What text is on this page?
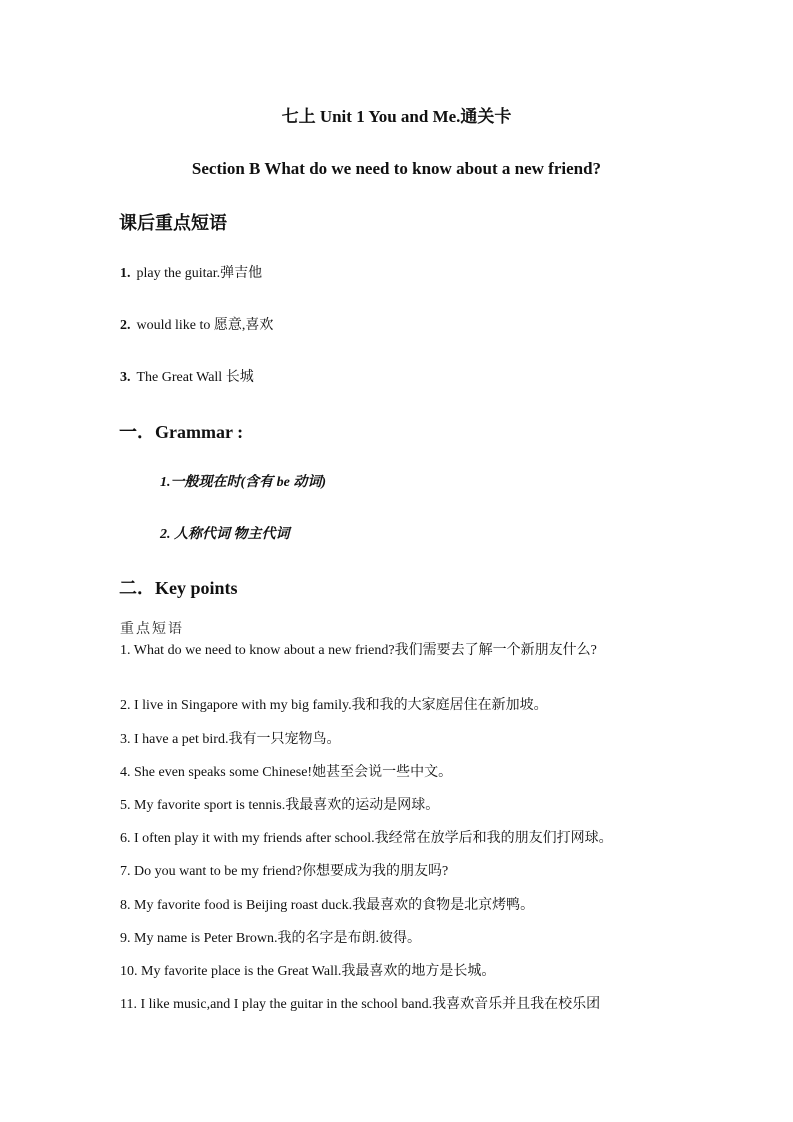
七上 Unit 1 You and Me.通关卡
Section B What do we need to know about a new friend?
课后重点短语
1. play the guitar.弹吉他
2. would like to 愿意,喜欢
3. The Great Wall 长城
一．Grammar :
1.一般现在时(含有 be 动词)
2. 人称代词 物主代词
二．Key points
重点短语
1. What do we need to know about a new friend?我们需要去了解一个新朋友什么?
2. I live in Singapore with my big family.我和我的大家庭居住在新加坡。
3. I have a pet bird.我有一只宠物鸟。
4. She even speaks some Chinese!她甚至会说一些中文。
5. My favorite sport is tennis.我最喜欢的运动是网球。
6. I often play it with my friends after school.我经常在放学后和我的朋友们打网球。
7. Do you want to be my friend?你想要成为我的朋友吗?
8. My favorite food is Beijing roast duck.我最喜欢的食物是北京烤鸭。
9. My name is Peter Brown.我的名字是布朗.彼得。
10. My favorite place is the Great Wall.我最喜欢的地方是长城。
11. I like music,and I play the guitar in the school band.我喜欢音乐并且我在校乐团
